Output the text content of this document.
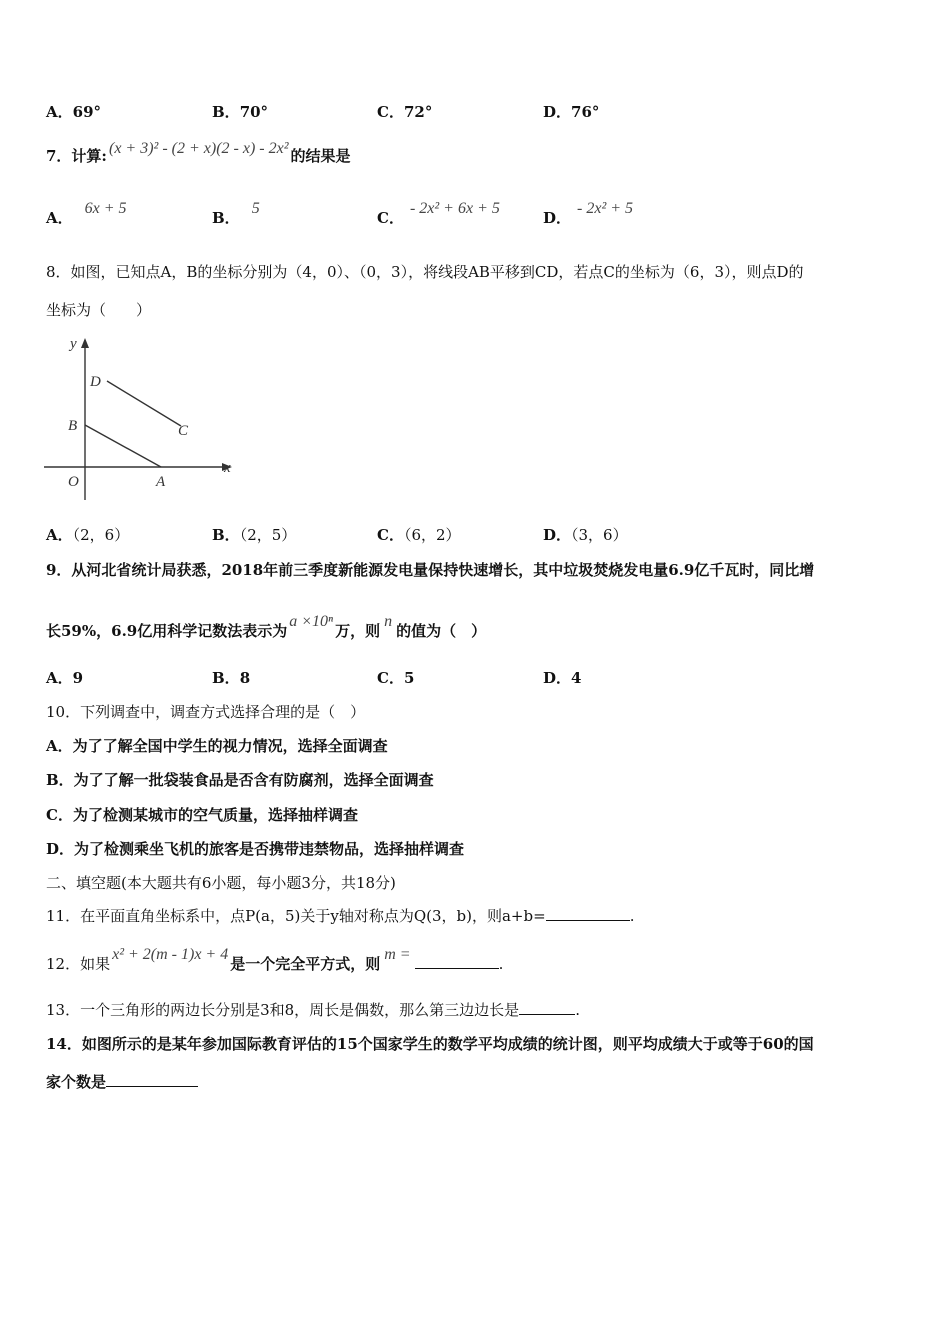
A．69°	B．70°	C．72°	D．76°
7．计算: (x + 3)² - (2 + x)(2 - x) - 2x² 的结果是
A．6x + 5
B．5
C．- 2x² + 6x + 5
D．- 2x² + 5
8．如图，已知点A，B的坐标分别为（4，0）、（0，3），将线段AB平移到CD，若点C的坐标为（6，3），则点D的
坐标为（　　）
y
x
O	A
B	C
D
A．（2，6）	B．（2，5）	C．（6，2）	D．（3，6）
9．从河北省统计局获悉，2018年前三季度新能源发电量保持快速增长，其中垃圾焚烧发电量6.9亿千瓦时，同比增
长59%，6.9亿用科学记数法表示为a ×10ⁿ万，则n的值为（　）
A．9	B．8	C．5	D．4
10．下列调查中，调查方式选择合理的是（　）
A．为了了解全国中学生的视力情况，选择全面调查
B．为了了解一批袋装食品是否含有防腐剂，选择全面调查
C．为了检测某城市的空气质量，选择抽样调查
D．为了检测乘坐飞机的旅客是否携带违禁物品，选择抽样调查
二、填空题(本大题共有6小题，每小题3分，共18分)
11．在平面直角坐标系中，点P(a，5)关于y轴对称点为Q(3，b)，则a+b=	.
12．如果x² + 2(m - 1)x + 4是一个完全平方式，则m =.
13．一个三角形的两边长分别是3和8，周长是偶数，那么第三边边长是	.
14．如图所示的是某年参加国际教育评估的15个国家学生的数学平均成绩的统计图，则平均成绩大于或等于60的国
家个数是
